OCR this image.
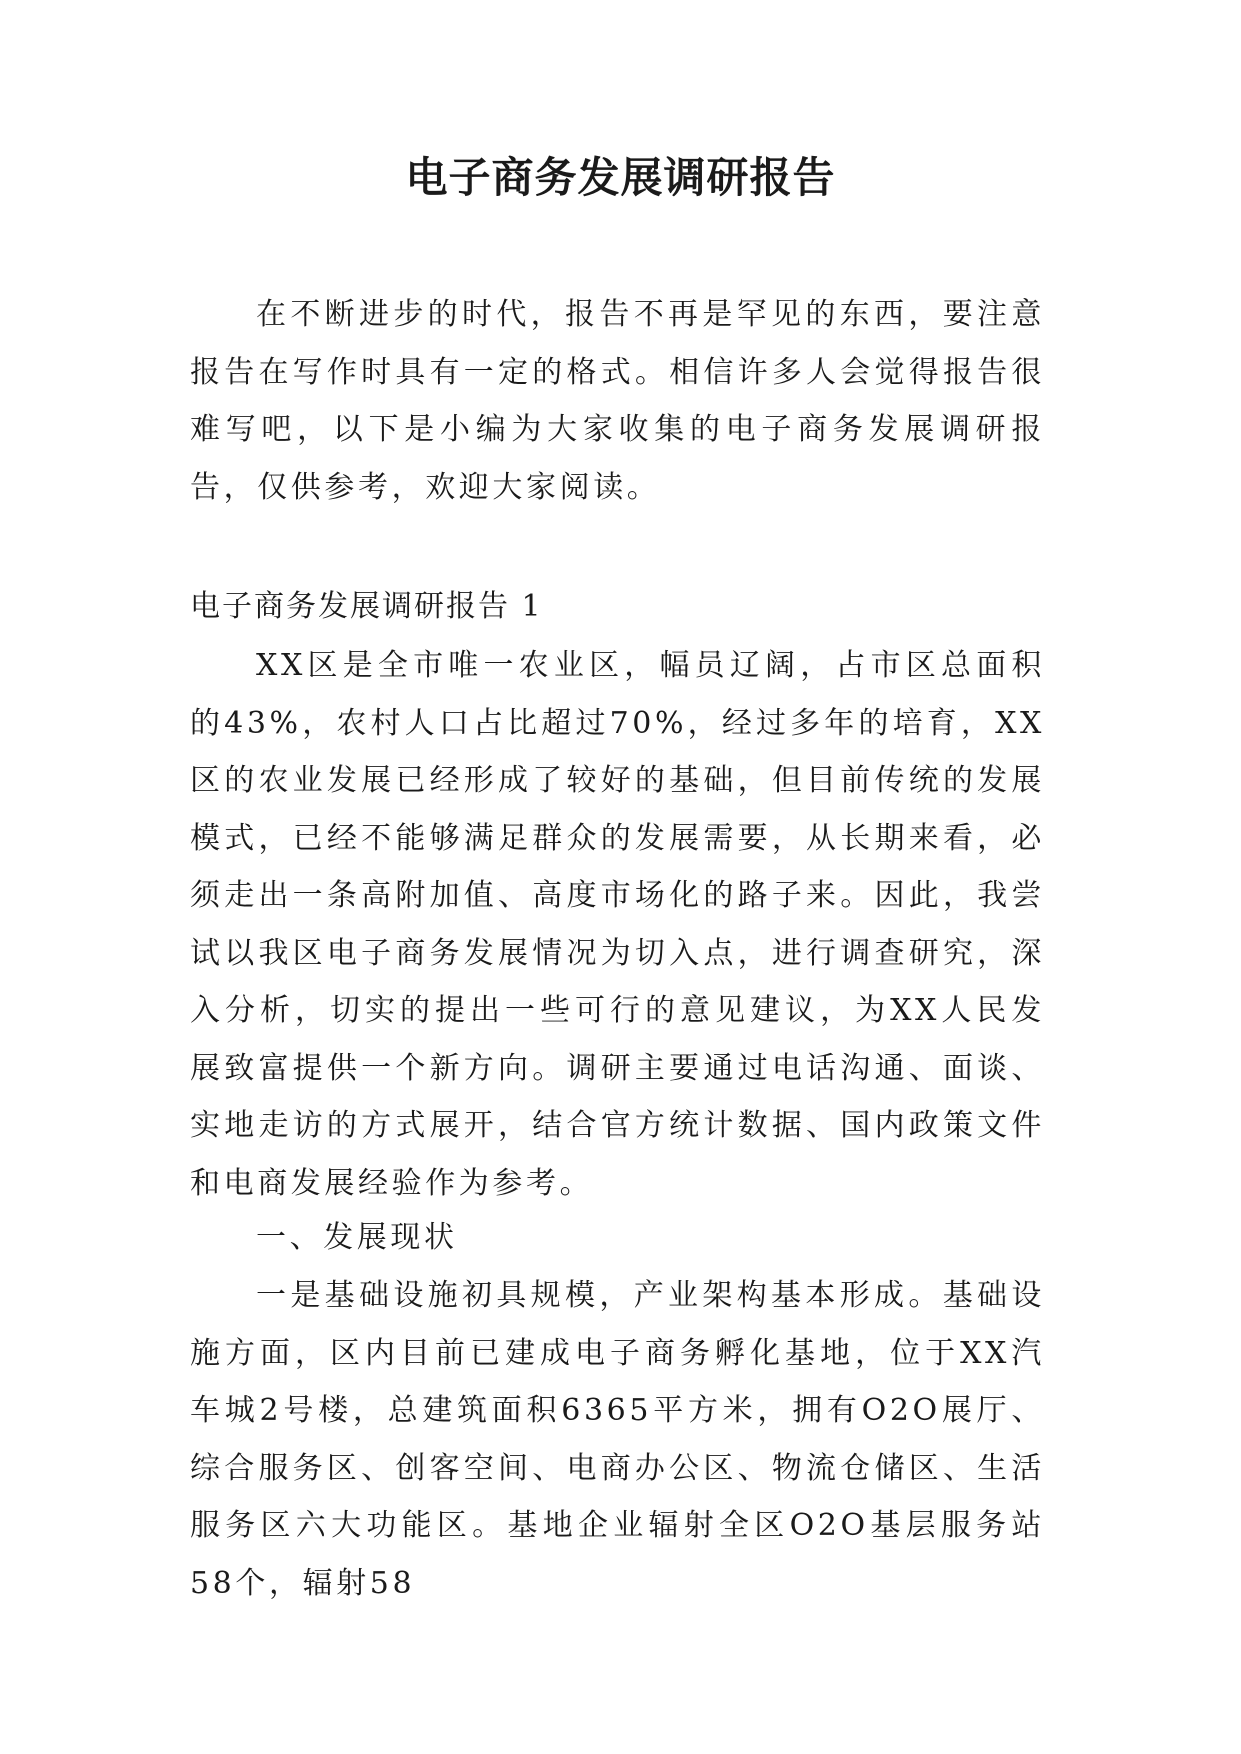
电子商务发展调研报告

在不断进步的时代，报告不再是罕见的东西，要注意报告在写作时具有一定的格式。相信许多人会觉得报告很难写吧，以下是小编为大家收集的电子商务发展调研报告，仅供参考，欢迎大家阅读。

电子商务发展调研报告 1

XX区是全市唯一农业区，幅员辽阔，占市区总面积的43%，农村人口占比超过70%，经过多年的培育，XX区的农业发展已经形成了较好的基础，但目前传统的发展模式，已经不能够满足群众的发展需要，从长期来看，必须走出一条高附加值、高度市场化的路子来。因此，我尝试以我区电子商务发展情况为切入点，进行调查研究，深入分析，切实的提出一些可行的意见建议，为XX人民发展致富提供一个新方向。调研主要通过电话沟通、面谈、实地走访的方式展开，结合官方统计数据、国内政策文件和电商发展经验作为参考。

一、发展现状

一是基础设施初具规模，产业架构基本形成。基础设施方面，区内目前已建成电子商务孵化基地，位于XX汽车城2号楼，总建筑面积6365平方米，拥有O2O展厅、综合服务区、创客空间、电商办公区、物流仓储区、生活服务区六大功能区。基地企业辐射全区O2O基层服务站58个，辐射58
